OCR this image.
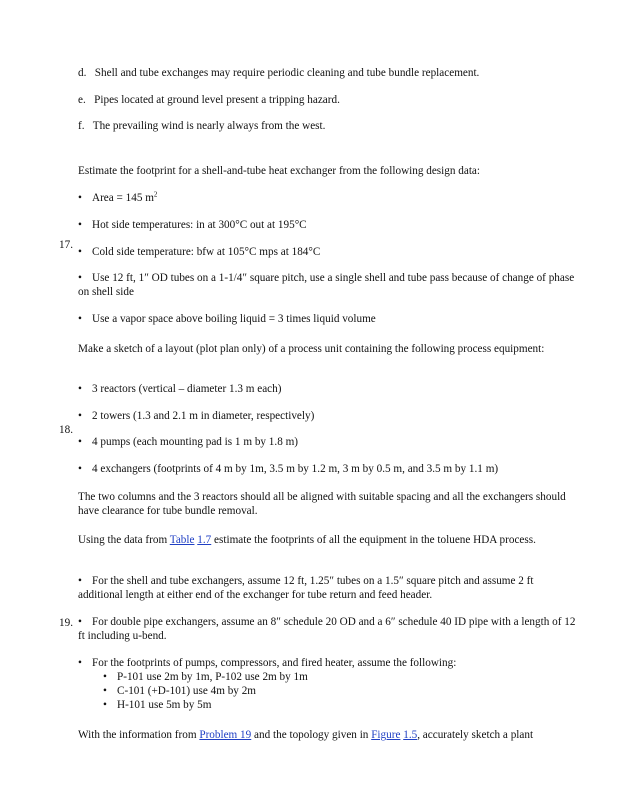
d. Shell and tube exchanges may require periodic cleaning and tube bundle replacement.

e. Pipes located at ground level present a tripping hazard.

f. The prevailing wind is nearly always from the west.

Estimate the footprint for a shell-and-tube heat exchanger from the following design data:

• Area = 145 $m^2$

• Hot side temperatures: in at 300°C out at 195°C

17.

• Cold side temperature: bfw at 105°C mps at 184°C

• Use 12 ft, 1″ OD tubes on a 1-1/4″ square pitch, use a single shell and tube pass because of change of phase on shell side

• Use a vapor space above boiling liquid = 3 times liquid volume

Make a sketch of a layout (plot plan only) of a process unit containing the following process equipment:

• 3 reactors (vertical – diameter 1.3 m each)

• 2 towers (1.3 and 2.1 m in diameter, respectively)

18.

• 4 pumps (each mounting pad is 1 m by 1.8 m)

• 4 exchangers (footprints of 4 m by 1m, 3.5 m by 1.2 m, 3 m by 0.5 m, and 3.5 m by 1.1 m)

The two columns and the 3 reactors should all be aligned with suitable spacing and all the exchangers should have clearance for tube bundle removal.

Using the data from Table 1.7 estimate the footprints of all the equipment in the toluene HDA process.

• For the shell and tube exchangers, assume 12 ft, 1.25″ tubes on a 1.5″ square pitch and assume 2 ft additional length at either end of the exchanger for tube return and feed header.

19. • For double pipe exchangers, assume an 8″ schedule 20 OD and a 6″ schedule 40 ID pipe with a length of 12 ft including u-bend.

• For the footprints of pumps, compressors, and fired heater, assume the following:

• P-101 use 2m by 1m, P-102 use 2m by 1m
• C-101 (+D-101) use 4m by 2m
• H-101 use 5m by 5m

With the information from Problem 19 and the topology given in Figure 1.5, accurately sketch a plant
